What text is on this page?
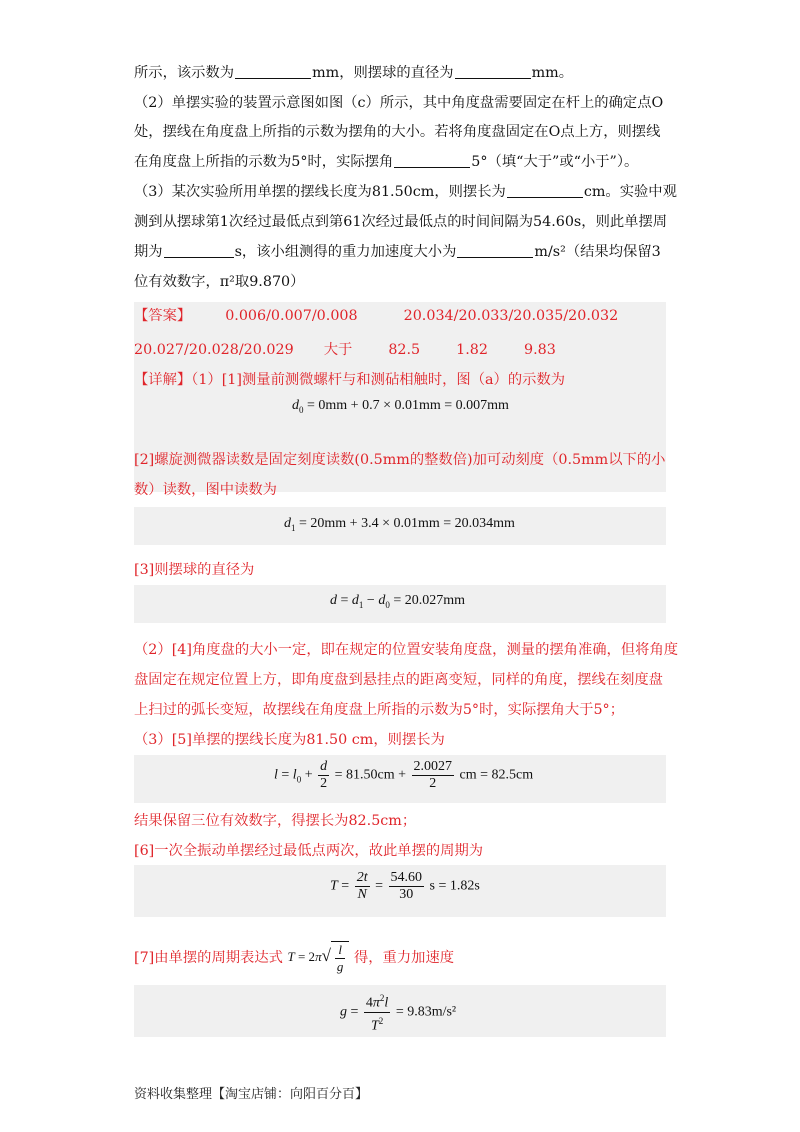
所示，该示数为	mm，则摆球的直径为	mm。
（2）单摆实验的装置示意图如图（c）所示，其中角度盘需要固定在杆上的确定点O
处，摆线在角度盘上所指的示数为摆角的大小。若将角度盘固定在O点上方，则摆线
在角度盘上所指的示数为5°时，实际摆角	5°（填“大于”或“小于”）。
（3）某次实验所用单摆的摆线长度为81.50cm，则摆长为	cm。实验中观
测到从摆球第1次经过最低点到第61次经过最低点的时间间隔为54.60s，则此单摆周
期为	s，该小组测得的重力加速度大小为	m/s²（结果均保留3
位有效数字，π²取9.870）
【答案】 0.006/0.007/0.008	20.034/20.033/20.035/20.032
20.027/20.028/20.029 大于	82.5	1.82	9.83
【详解】（1）[1]测量前测微螺杆与和测砧相触时，图（a）的示数为
$d_0 = 0mm + 0.7 \times 0.01mm = 0.007mm$
[2]螺旋测微器读数是固定刻度读数(0.5mm的整数倍)加可动刻度（0.5mm以下的小
数）读数，图中读数为
$d_1 = 20mm + 3.4 \times 0.01mm = 20.034mm$
[3]则摆球的直径为
$d = d_1 - d_0 = 20.027mm$
（2）[4]角度盘的大小一定，即在规定的位置安装角度盘，测量的摆角准确，但将角度
盘固定在规定位置上方，即角度盘到悬挂点的距离变短，同样的角度，摆线在刻度盘
上扫过的弧长变短，故摆线在角度盘上所指的示数为5°时，实际摆角大于5°；
（3）[5]单摆的摆线长度为81.50 cm，则摆长为
$l = l_0 + \frac{d}{2} = 81.50cm + \frac{2.0027}{2}$ cm = 82.5cm
结果保留三位有效数字，得摆长为82.5cm；
[6]一次全振动单摆经过最低点两次，故此单摆的周期为
$T = \frac{2t}{N} = \frac{54.60}{30}$ s = 1.82s
[7]由单摆的周期表达式 $T = 2\pi√ \frac{l}{g}$ 得，重力加速度
$g = \frac{4\pi^2l}{T^2} = 9.83m/s^2$
资料收集整理【淘宝店铺：向阳百分百】
